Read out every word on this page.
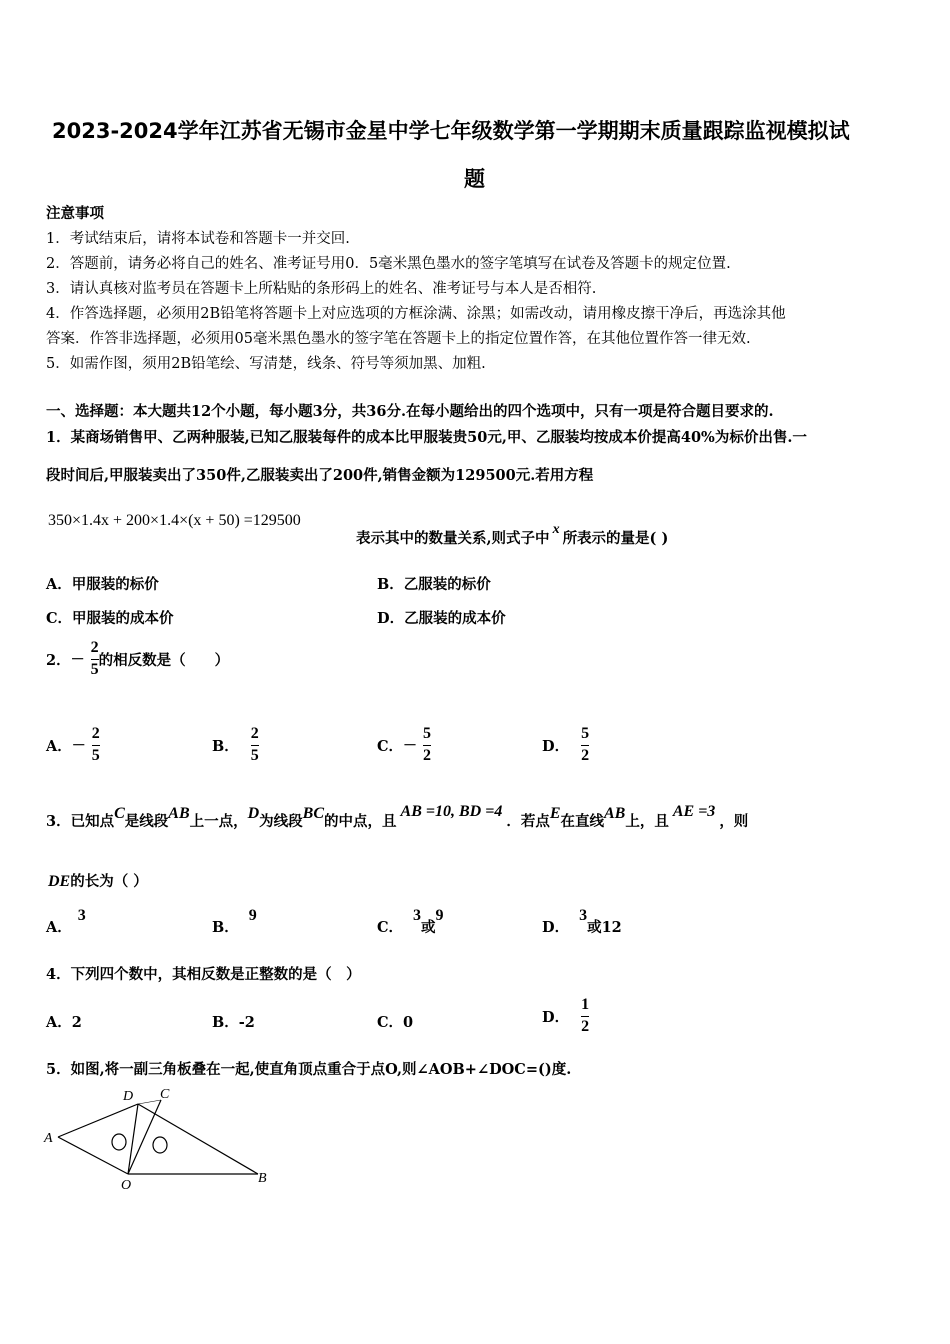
2023-2024学年江苏省无锡市金星中学七年级数学第一学期期末质量跟踪监视模拟试
题
注意事项
1．考试结束后，请将本试卷和答题卡一并交回.
2．答题前，请务必将自己的姓名、准考证号用0．5毫米黑色墨水的签字笔填写在试卷及答题卡的规定位置.
3．请认真核对监考员在答题卡上所粘贴的条形码上的姓名、准考证号与本人是否相符.
4．作答选择题，必须用2B铅笔将答题卡上对应选项的方框涂满、涂黑；如需改动，请用橡皮擦干净后，再选涂其他
答案．作答非选择题，必须用05毫米黑色墨水的签字笔在答题卡上的指定位置作答，在其他位置作答一律无效.
5．如需作图，须用2B铅笔绘、写清楚，线条、符号等须加黑、加粗.
一、选择题：本大题共12个小题，每小题3分，共36分.在每小题给出的四个选项中，只有一项是符合题目要求的.
1．某商场销售甲、乙两种服装,已知乙服装每件的成本比甲服装贵50元,甲、乙服装均按成本价提高40%为标价出售.一
段时间后,甲服装卖出了350件,乙服装卖出了200件,销售金额为129500元.若用方程
350×1.4x + 200×1.4×(x + 50) =129500
表示其中的数量关系,则式子中x所表示的量是( )
A．甲服装的标价	B．乙服装的标价
C．甲服装的成本价	D．乙服装的成本价
2． － $\frac{2}{5}$ 的相反数是（　　）
A． － $\frac{2}{5}$	B． $\frac{2}{5}$	C． － $\frac{5}{2}$	D． $\frac{5}{2}$
3．已知点C是线段AB上一点，D为线段BC的中点，且AB =10, BD =4．若点E在直线AB上，且AE =3，则
DE的长为（ ）
A．3
B．9
C．3或9
D．3或12
4．下列四个数中，其相反数是正整数的是（　）
A．2	B．-2	C．0	D． $\frac{1}{2}$
5．如图,将一副三角板叠在一起,使直角顶点重合于点O,则∠AOB+∠DOC=()度.
A
D C
O	B
